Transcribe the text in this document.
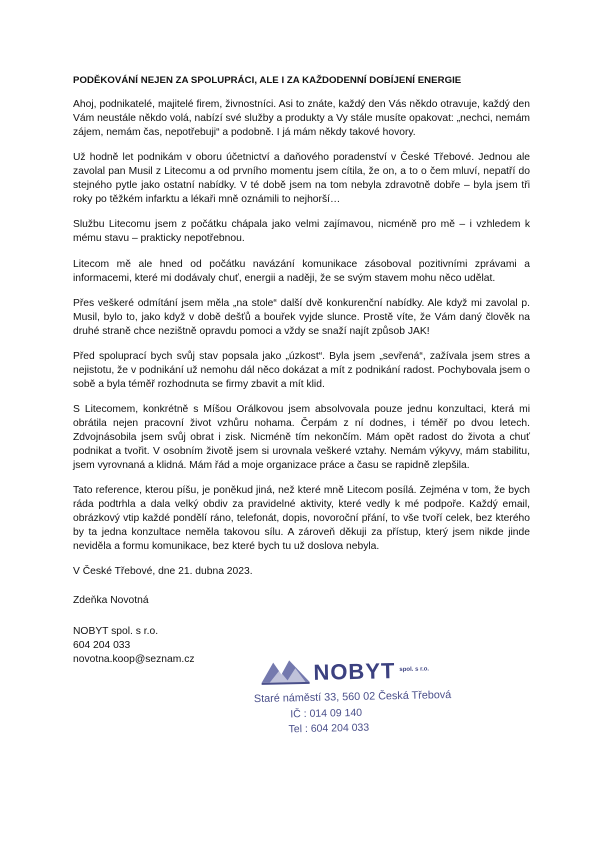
PODĚKOVÁNÍ NEJEN ZA SPOLUPRÁCI, ALE I ZA KAŽDODENNÍ DOBÍJENÍ ENERGIE

Ahoj, podnikatelé, majitelé firem, živnostníci. Asi to znáte, každý den Vás někdo otravuje, každý den Vám neustále někdo volá, nabízí své služby a produkty a Vy stále musíte opakovat: „nechci, nemám zájem, nemám čas, nepotřebuji“ a podobně. I já mám někdy takové hovory.

Už hodně let podnikám v oboru účetnictví a daňového poradenství v České Třebové. Jednou ale zavolal pan Musil z Litecomu a od prvního momentu jsem cítila, že on, a to o čem mluví, nepatří do stejného pytle jako ostatní nabídky. V té době jsem na tom nebyla zdravotně dobře – byla jsem tři roky po těžkém infarktu a lékaři mně oznámili to nejhorší…

Službu Litecomu jsem z počátku chápala jako velmi zajímavou, nicméně pro mě – i vzhledem k mému stavu – prakticky nepotřebnou.

Litecom mě ale hned od počátku navázání komunikace zásoboval pozitivními zprávami a informacemi, které mi dodávaly chuť, energii a naději, že se svým stavem mohu něco udělat.

Přes veškeré odmítání jsem měla „na stole“ další dvě konkurenční nabídky. Ale když mi zavolal p. Musil, bylo to, jako když v době dešťů a bouřek vyjde slunce. Prostě víte, že Vám daný člověk na druhé straně chce nezištně opravdu pomoci a vždy se snaží najít způsob JAK!

Před spoluprací bych svůj stav popsala jako „úzkost“. Byla jsem „sevřená“, zažívala jsem stres a nejistotu, že v podnikání už nemohu dál něco dokázat a mít z podnikání radost. Pochybovala jsem o sobě a byla téměř rozhodnuta se firmy zbavit a mít klid.

S Litecomem, konkrétně s Míšou Orálkovou jsem absolvovala pouze jednu konzultaci, která mi obrátila nejen pracovní život vzhůru nohama. Čerpám z ní dodnes, i téměř po dvou letech. Zdvojnásobila jsem svůj obrat i zisk. Nicméně tím nekončím. Mám opět radost do života a chuť podnikat a tvořit. V osobním životě jsem si urovnala veškeré vztahy. Nemám výkyvy, mám stabilitu, jsem vyrovnaná a klidná. Mám řád a moje organizace práce a času se rapidně zlepšila.

Tato reference, kterou píšu, je poněkud jiná, než které mně Litecom posílá. Zejména v tom, že bych ráda podtrhla a dala velký obdiv za pravidelné aktivity, které vedly k mé podpoře. Každý email, obrázkový vtip každé pondělí ráno, telefonát, dopis, novoroční přání, to vše tvoří celek, bez kterého by ta jedna konzultace neměla takovou sílu. A zároveň děkuji za přístup, který jsem nikde jinde neviděla a formu komunikace, bez které bych tu už doslova nebyla.

V České Třebové, dne 21. dubna 2023.

Zdeňka Novotná

NOBYT spol. s r.o.

604 204 033

novotna.koop@seznam.cz	NOBYT spol. s r.o.
Staré náměstí 33, 560 02 Česká Třebová
IČ : 014 09 140
Tel : 604 204 033
